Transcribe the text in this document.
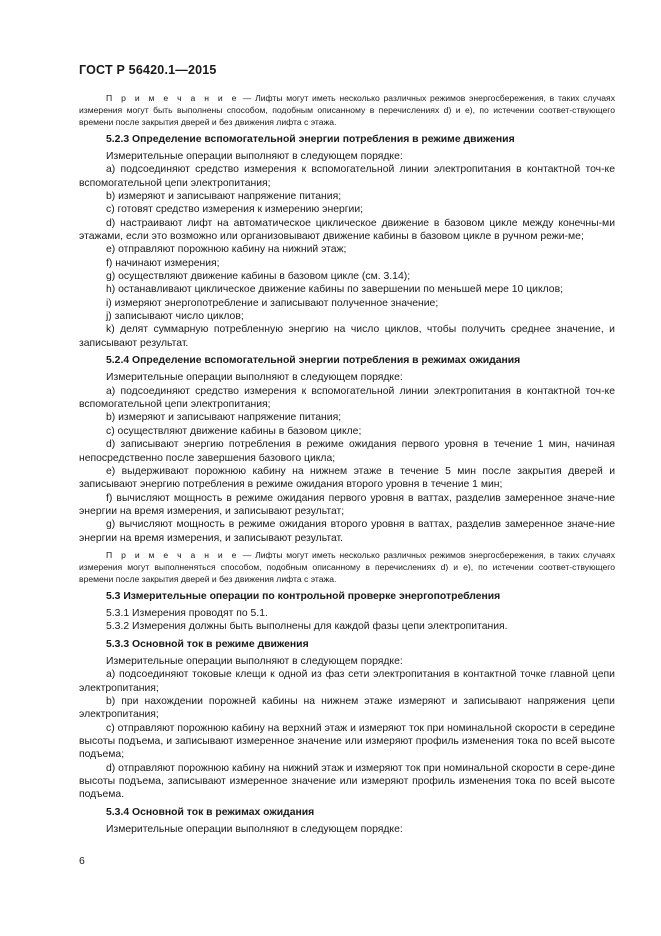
ГОСТ Р 56420.1—2015

П р и м е ч а н и е — Лифты могут иметь несколько различных режимов энергосбережения, в таких случаях измерения могут быть выполнены способом, подобным описанному в перечислениях d) и е), по истечении соответ-ствующего времени после закрытия дверей и без движения лифта с этажа.

5.2.3 Определение вспомогательной энергии потребления в режиме движения

Измерительные операции выполняют в следующем порядке:

a) подсоединяют средство измерения к вспомогательной линии электропитания в контактной точ-ке вспомогательной цепи электропитания;

b) измеряют и записывают напряжение питания;

c) готовят средство измерения к измерению энергии;

d) настраивают лифт на автоматическое циклическое движение в базовом цикле между конечны-ми этажами, если это возможно или организовывают движение кабины в базовом цикле в ручном режи-ме;

e) отправляют порожнюю кабину на нижний этаж;

f) начинают измерения;

g) осуществляют движение кабины в базовом цикле (см. 3.14);

h) останавливают циклическое движение кабины по завершении по меньшей мере 10 циклов;

i) измеряют энергопотребление и записывают полученное значение;

j) записывают число циклов;

k) делят суммарную потребленную энергию на число циклов, чтобы получить среднее значение, и записывают результат.

5.2.4 Определение вспомогательной энергии потребления в режимах ожидания

Измерительные операции выполняют в следующем порядке:

a) подсоединяют средство измерения к вспомогательной линии электропитания в контактной точ-ке вспомогательной цепи электропитания;

b) измеряют и записывают напряжение питания;

c) осуществляют движение кабины в базовом цикле;

d) записывают энергию потребления в режиме ожидания первого уровня в течение 1 мин, начиная непосредственно после завершения базового цикла;

e) выдерживают порожнюю кабину на нижнем этаже в течение 5 мин после закрытия дверей и записывают энергию потребления в режиме ожидания второго уровня в течение 1 мин;

f) вычисляют мощность в режиме ожидания первого уровня в ваттах, разделив замеренное значе-ние энергии на время измерения, и записывают результат;

g) вычисляют мощность в режиме ожидания второго уровня в ваттах, разделив замеренное значе-ние энергии на время измерения, и записывают результат.

П р и м е ч а н и е — Лифты могут иметь несколько различных режимов энергосбережения, в таких случаях измерения могут выполненяться способом, подобным описанному в перечислениях d) и е), по истечении соответ-ствующего времени после закрытия дверей и без движения лифта с этажа.

5.3 Измерительные операции по контрольной проверке энергопотребления

5.3.1 Измерения проводят по 5.1.

5.3.2 Измерения должны быть выполнены для каждой фазы цепи электропитания.

5.3.3 Основной ток в режиме движения

Измерительные операции выполняют в следующем порядке:

a) подсоединяют токовые клещи к одной из фаз сети электропитания в контактной точке главной цепи электропитания;

b) при нахождении порожней кабины на нижнем этаже измеряют и записывают напряжения цепи электропитания;

c) отправляют порожнюю кабину на верхний этаж и измеряют ток при номинальной скорости в середине высоты подъема, и записывают измеренное значение или измеряют профиль изменения тока по всей высоте подъема;

d) отправляют порожнюю кабину на нижний этаж и измеряют ток при номинальной скорости в сере-дине высоты подъема, записывают измеренное значение или измеряют профиль изменения тока по всей высоте подъема.

5.3.4 Основной ток в режимах ожидания

Измерительные операции выполняют в следующем порядке:

6
